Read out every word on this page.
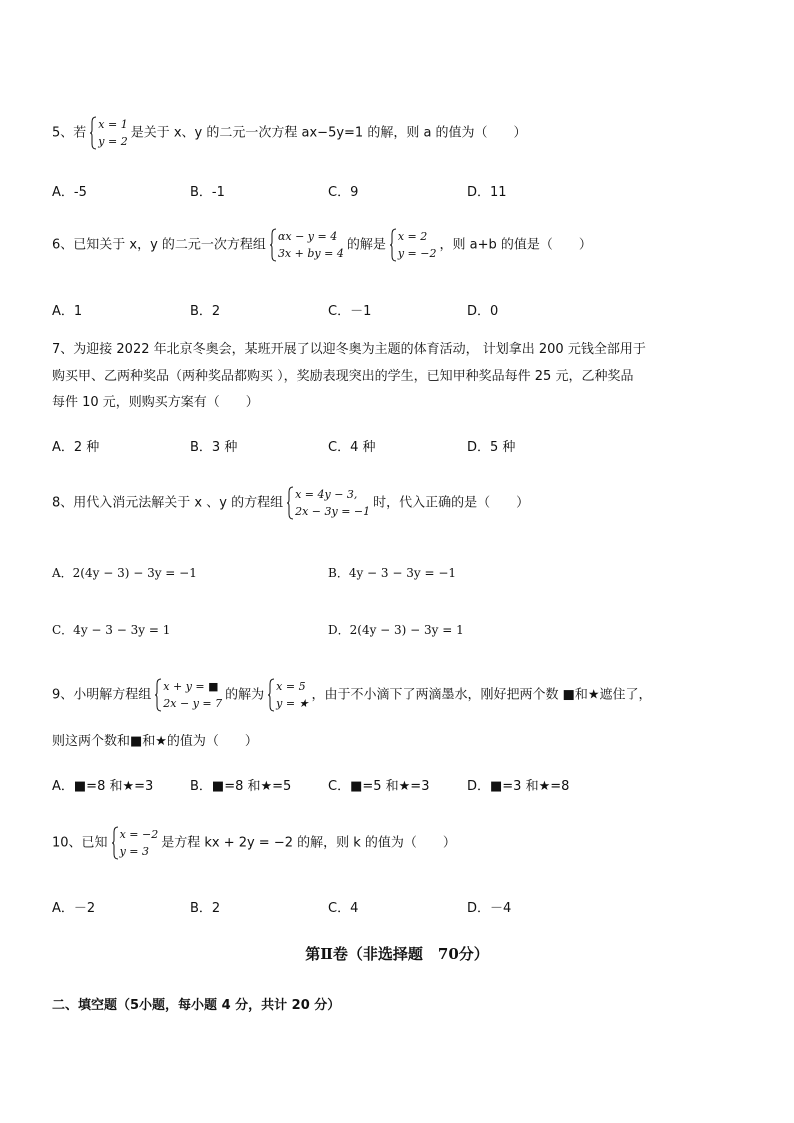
5、若
x = 1
y = 2
是关于 x、y 的二元一次方程 ax−5y=1 的解，则 a 的值为（　　）
A．-5	B．-1	C．9	D．11
6、已知关于 x，y 的二元一次方程组
αx − y = 4
3x + by = 4
的解是
x = 2
y = −2
，则 a+b 的值是（　　）
A．1	B．2	C．－1	D．0
7、为迎接 2022 年北京冬奥会，某班开展了以迎冬奥为主题的体育活动， 计划拿出 200 元钱全部用于
购买甲、乙两种奖品（两种奖品都购买 ），奖励表现突出的学生，已知甲种奖品每件 25 元，乙种奖品
每件 10 元，则购买方案有（　　）
A．2 种	B．3 种	C．4 种	D．5 种
8、用代入消元法解关于 x 、y 的方程组
x = 4y − 3,
2x − 3y = −1
时，代入正确的是（　　）
A．2(4y − 3) − 3y = −1	B．4y − 3 − 3y = −1
C．4y − 3 − 3y = 1	D．2(4y − 3) − 3y = 1
9、小明解方程组
x + y = ■
2x − y = 7
的解为
x = 5
y = ★
，由于不小滴下了两滴墨水，刚好把两个数 ■和★遮住了，
则这两个数和■和★的值为（　　）
A．■=8 和★=3	B．■=8 和★=5	C．■=5 和★=3	D．■=3 和★=8
10、已知
x = −2
y = 3
是方程 kx + 2y = −2 的解，则 k 的值为（　　）
A．－2	B．2	C．4	D．－4
第Ⅱ卷（非选择题　70分）
二、填空题（5小题，每小题 4 分，共计 20 分）
